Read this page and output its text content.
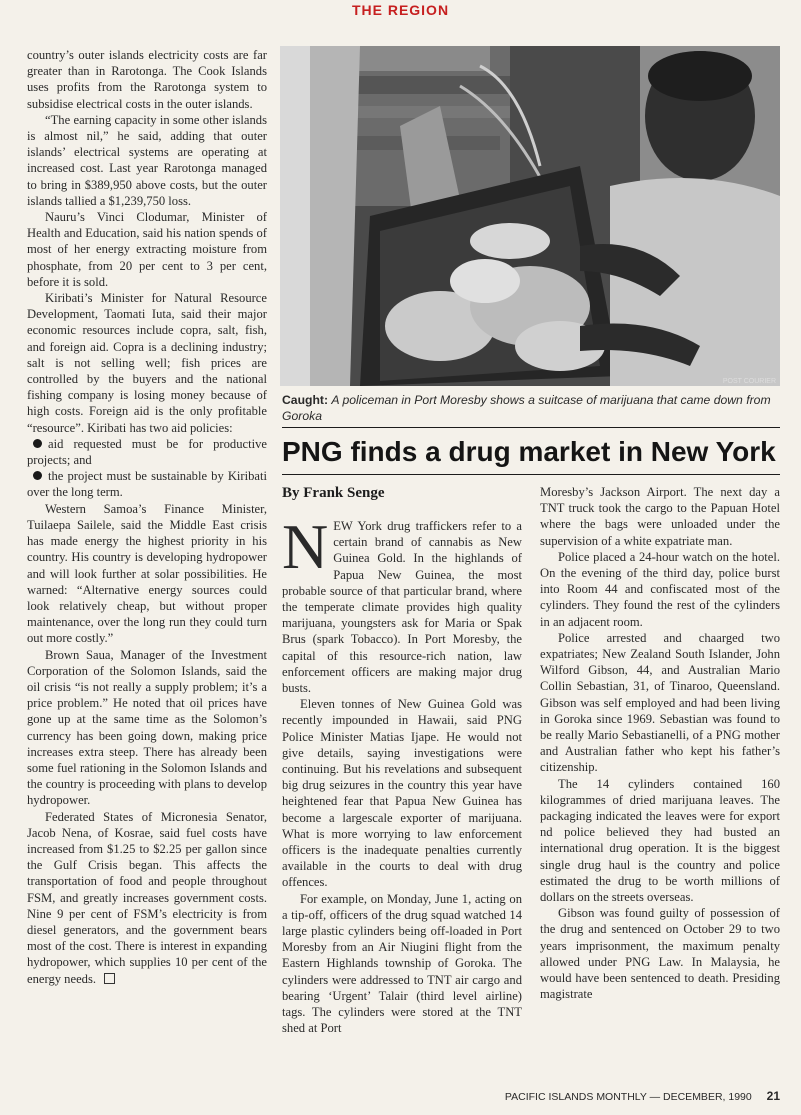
THE REGION

country’s outer islands electricity costs are far greater than in Rarotonga. The Cook Islands uses profits from the Rarotonga system to subsidise electrical costs in the outer islands.

“The earning capacity in some other islands is almost nil,” he said, adding that outer islands’ electrical systems are operating at increased cost. Last year Rarotonga managed to bring in $389,950 above costs, but the outer islands tallied a $1,239,750 loss.

Nauru’s Vinci Clodumar, Minister of Health and Education, said his nation spends of most of her energy extracting moisture from phosphate, from 20 per cent to 3 per cent, before it is sold.

Kiribati’s Minister for Natural Resource Development, Taomati Iuta, said their major economic resources include copra, salt, fish, and foreign aid. Copra is a declining industry; salt is not selling well; fish prices are controlled by the buyers and the national fishing company is losing money because of high costs. Foreign aid is the only profitable “resource”. Kiribati has two aid policies:

aid requested must be for productive projects; and

the project must be sustainable by Kiribati over the long term.

Western Samoa’s Finance Minister, Tuilaepa Sailele, said the Middle East crisis has made energy the highest priority in his country. His country is developing hydropower and will look further at solar possibilities. He warned: “Alternative energy sources could look relatively cheap, but without proper maintenance, over the long run they could turn out more costly.”

Brown Saua, Manager of the Investment Corporation of the Solomon Islands, said the oil crisis “is not really a supply problem; it’s a price problem.” He noted that oil prices have gone up at the same time as the Solomon’s currency has been going down, making price increases extra steep. There has already been some fuel rationing in the Solomon Islands and the country is proceeding with plans to develop hydropower.

Federated States of Micronesia Senator, Jacob Nena, of Kosrae, said fuel costs have increased from $1.25 to $2.25 per gallon since the Gulf Crisis began. This affects the transportation of food and people throughout FSM, and greatly increases government costs. Nine 9 per cent of FSM’s electricity is from diesel generators, and the government bears most of the cost. There is interest in expanding hydropower, which supplies 10 per cent of the energy needs.

POST COURIER
Caught: A policeman in Port Moresby shows a suitcase of marijuana that came down from Goroka
PNG finds a drug market in New York
By Frank Senge

NEW York drug traffickers refer to a certain brand of cannabis as New Guinea Gold. In the highlands of Papua New Guinea, the most probable source of that particular brand, where the temperate climate provides high quality marijuana, youngsters ask for Maria or Spak Brus (spark Tobacco). In Port Moresby, the capital of this resource-rich nation, law enforcement officers are making major drug busts.

Eleven tonnes of New Guinea Gold was recently impounded in Hawaii, said PNG Police Minister Matias Ijape. He would not give details, saying investigations were continuing. But his revelations and subsequent big drug seizures in the country this year have heightened fear that Papua New Guinea has become a largescale exporter of marijuana. What is more worrying to law enforcement officers is the inadequate penalties currently available in the courts to deal with drug offences.

For example, on Monday, June 1, acting on a tip-off, officers of the drug squad watched 14 large plastic cylinders being off-loaded in Port Moresby from an Air Niugini flight from the Eastern Highlands township of Goroka. The cylinders were addressed to TNT air cargo and bearing ‘Urgent’ Talair (third level airline) tags. The cylinders were stored at the TNT shed at Port

Moresby’s Jackson Airport. The next day a TNT truck took the cargo to the Papuan Hotel where the bags were unloaded under the supervision of a white expatriate man.

Police placed a 24-hour watch on the hotel. On the evening of the third day, police burst into Room 44 and confiscated most of the cylinders. They found the rest of the cylinders in an adjacent room.

Police arrested and chaarged two expatriates; New Zealand South Islander, John Wilford Gibson, 44, and Australian Mario Collin Sebastian, 31, of Tinaroo, Queensland. Gibson was self employed and had been living in Goroka since 1969. Sebastian was found to be really Mario Sebastianelli, of a PNG mother and Australian father who kept his father’s citizenship.

The 14 cylinders contained 160 kilogrammes of dried marijuana leaves. The packaging indicated the leaves were for export nd police believed they had busted an international drug operation. It is the biggest single drug haul is the country and police estimated the drug to be worth millions of dollars on the streets overseas.

Gibson was found guilty of possession of the drug and sentenced on October 29 to two years imprisonment, the maximum penalty allowed under PNG Law. In Malaysia, he would have been sentenced to death. Presiding magistrate

PACIFIC ISLANDS MONTHLY — DECEMBER, 1990 21
